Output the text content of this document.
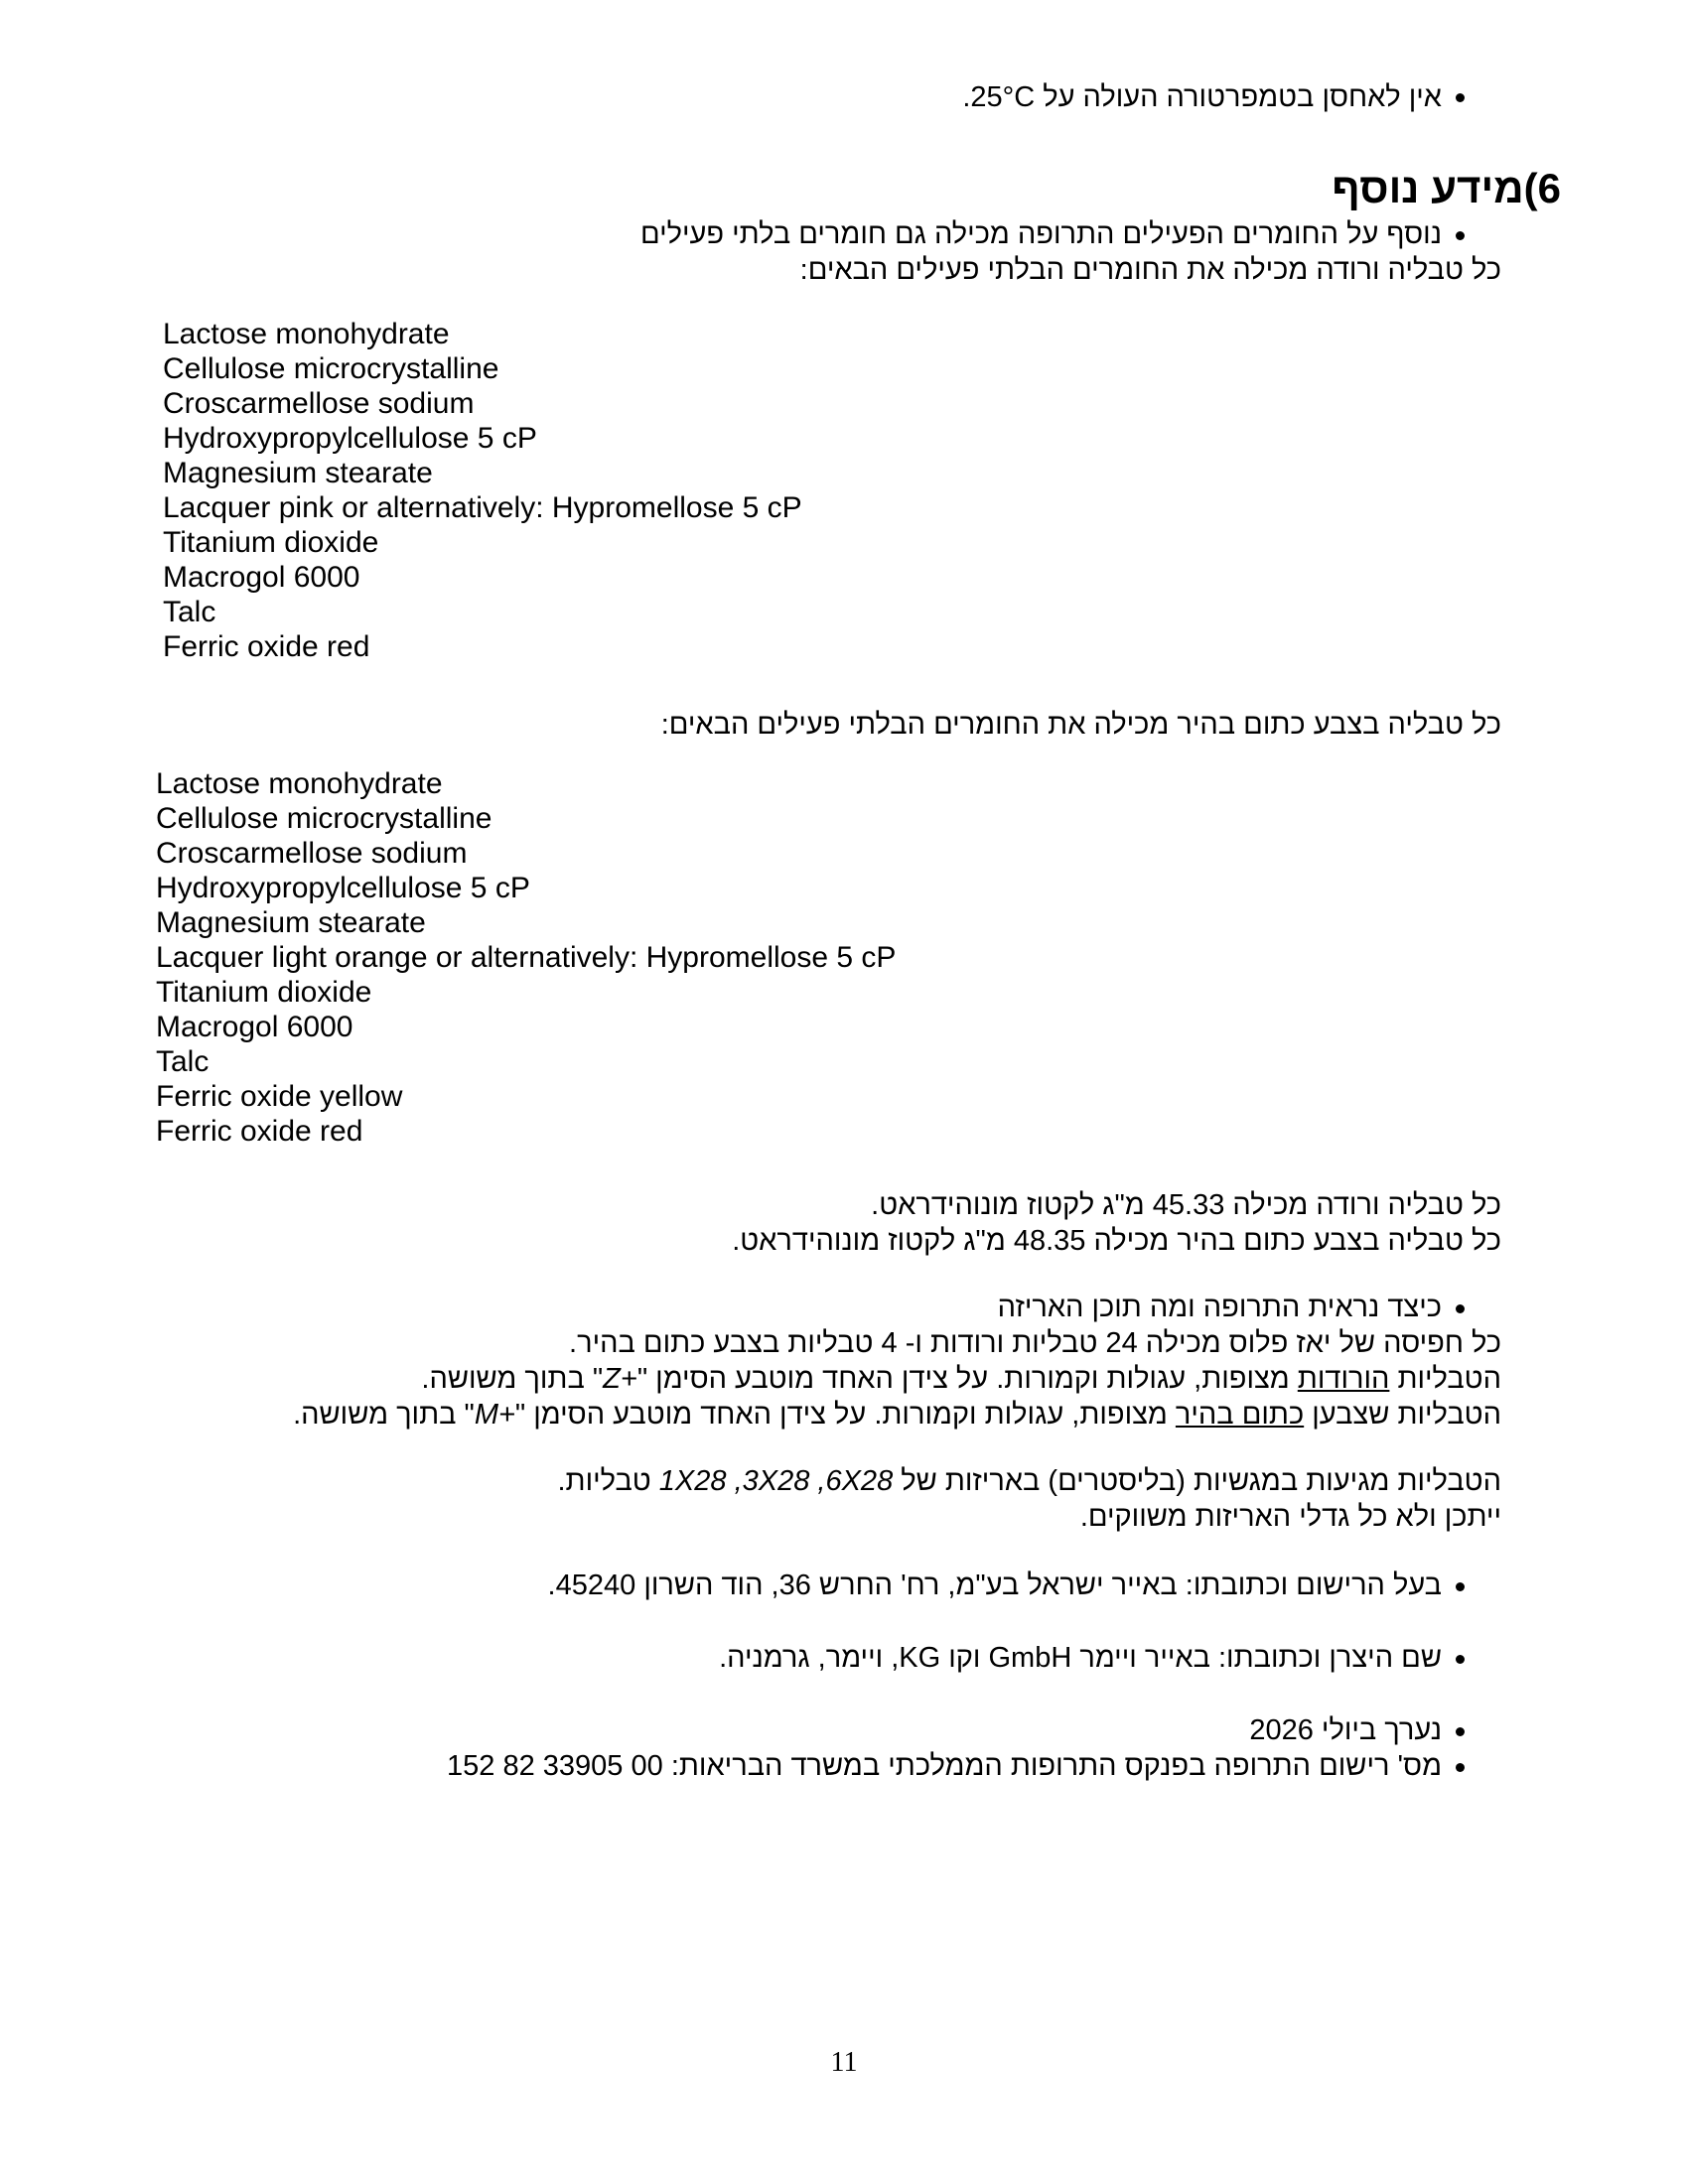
אין לאחסן בטמפרטורה העולה על 25°C.
6)מידע נוסף
נוסף על החומרים הפעילים התרופה מכילה גם חומרים בלתי פעילים
כל טבליה ורודה מכילה את החומרים הבלתי פעילים הבאים:
Lactose monohydrate
Cellulose microcrystalline
Croscarmellose sodium
Hydroxypropylcellulose 5 cP
Magnesium stearate
Lacquer pink or alternatively: Hypromellose 5 cP
Titanium dioxide
Macrogol 6000
Talc
Ferric oxide red
כל טבליה בצבע כתום בהיר מכילה את החומרים הבלתי פעילים הבאים:
Lactose monohydrate
Cellulose microcrystalline
Croscarmellose sodium
Hydroxypropylcellulose 5 cP
Magnesium stearate
Lacquer light orange or alternatively: Hypromellose 5 cP
Titanium dioxide
Macrogol 6000
Talc
Ferric oxide yellow
Ferric oxide red
כל טבליה ורודה מכילה 45.33 מ"ג לקטוז מונוהידראט.
כל טבליה בצבע כתום בהיר מכילה 48.35 מ"ג לקטוז מונוהידראט.
כיצד נראית התרופה ומה תוכן האריזה
כל חפיסה של יאז פלוס מכילה 24 טבליות ורודות ו- 4 טבליות בצבע כתום בהיר.
הטבליות הורודות מצופות, עגולות וקמורות. על צידן האחד מוטבע הסימן "Z+" בתוך משושה.
הטבליות שצבען כתום בהיר מצופות, עגולות וקמורות. על צידן האחד מוטבע הסימן "M+" בתוך משושה.
הטבליות מגיעות במגשיות (בליסטרים) באריזות של 1X28 ,3X28 ,6X28 טבליות.
ייתכן ולא כל גדלי האריזות משווקים.
בעל הרישום וכתובתו: באייר ישראל בע"מ, רח' החרש 36, הוד השרון 45240.
שם היצרן וכתובתו: באייר ויימר GmbH וקו KG, ויימר, גרמניה.
נערך ביולי 2026
מס' רישום התרופה בפנקס התרופות הממלכתי במשרד הבריאות: 00 33905 82 152
11
